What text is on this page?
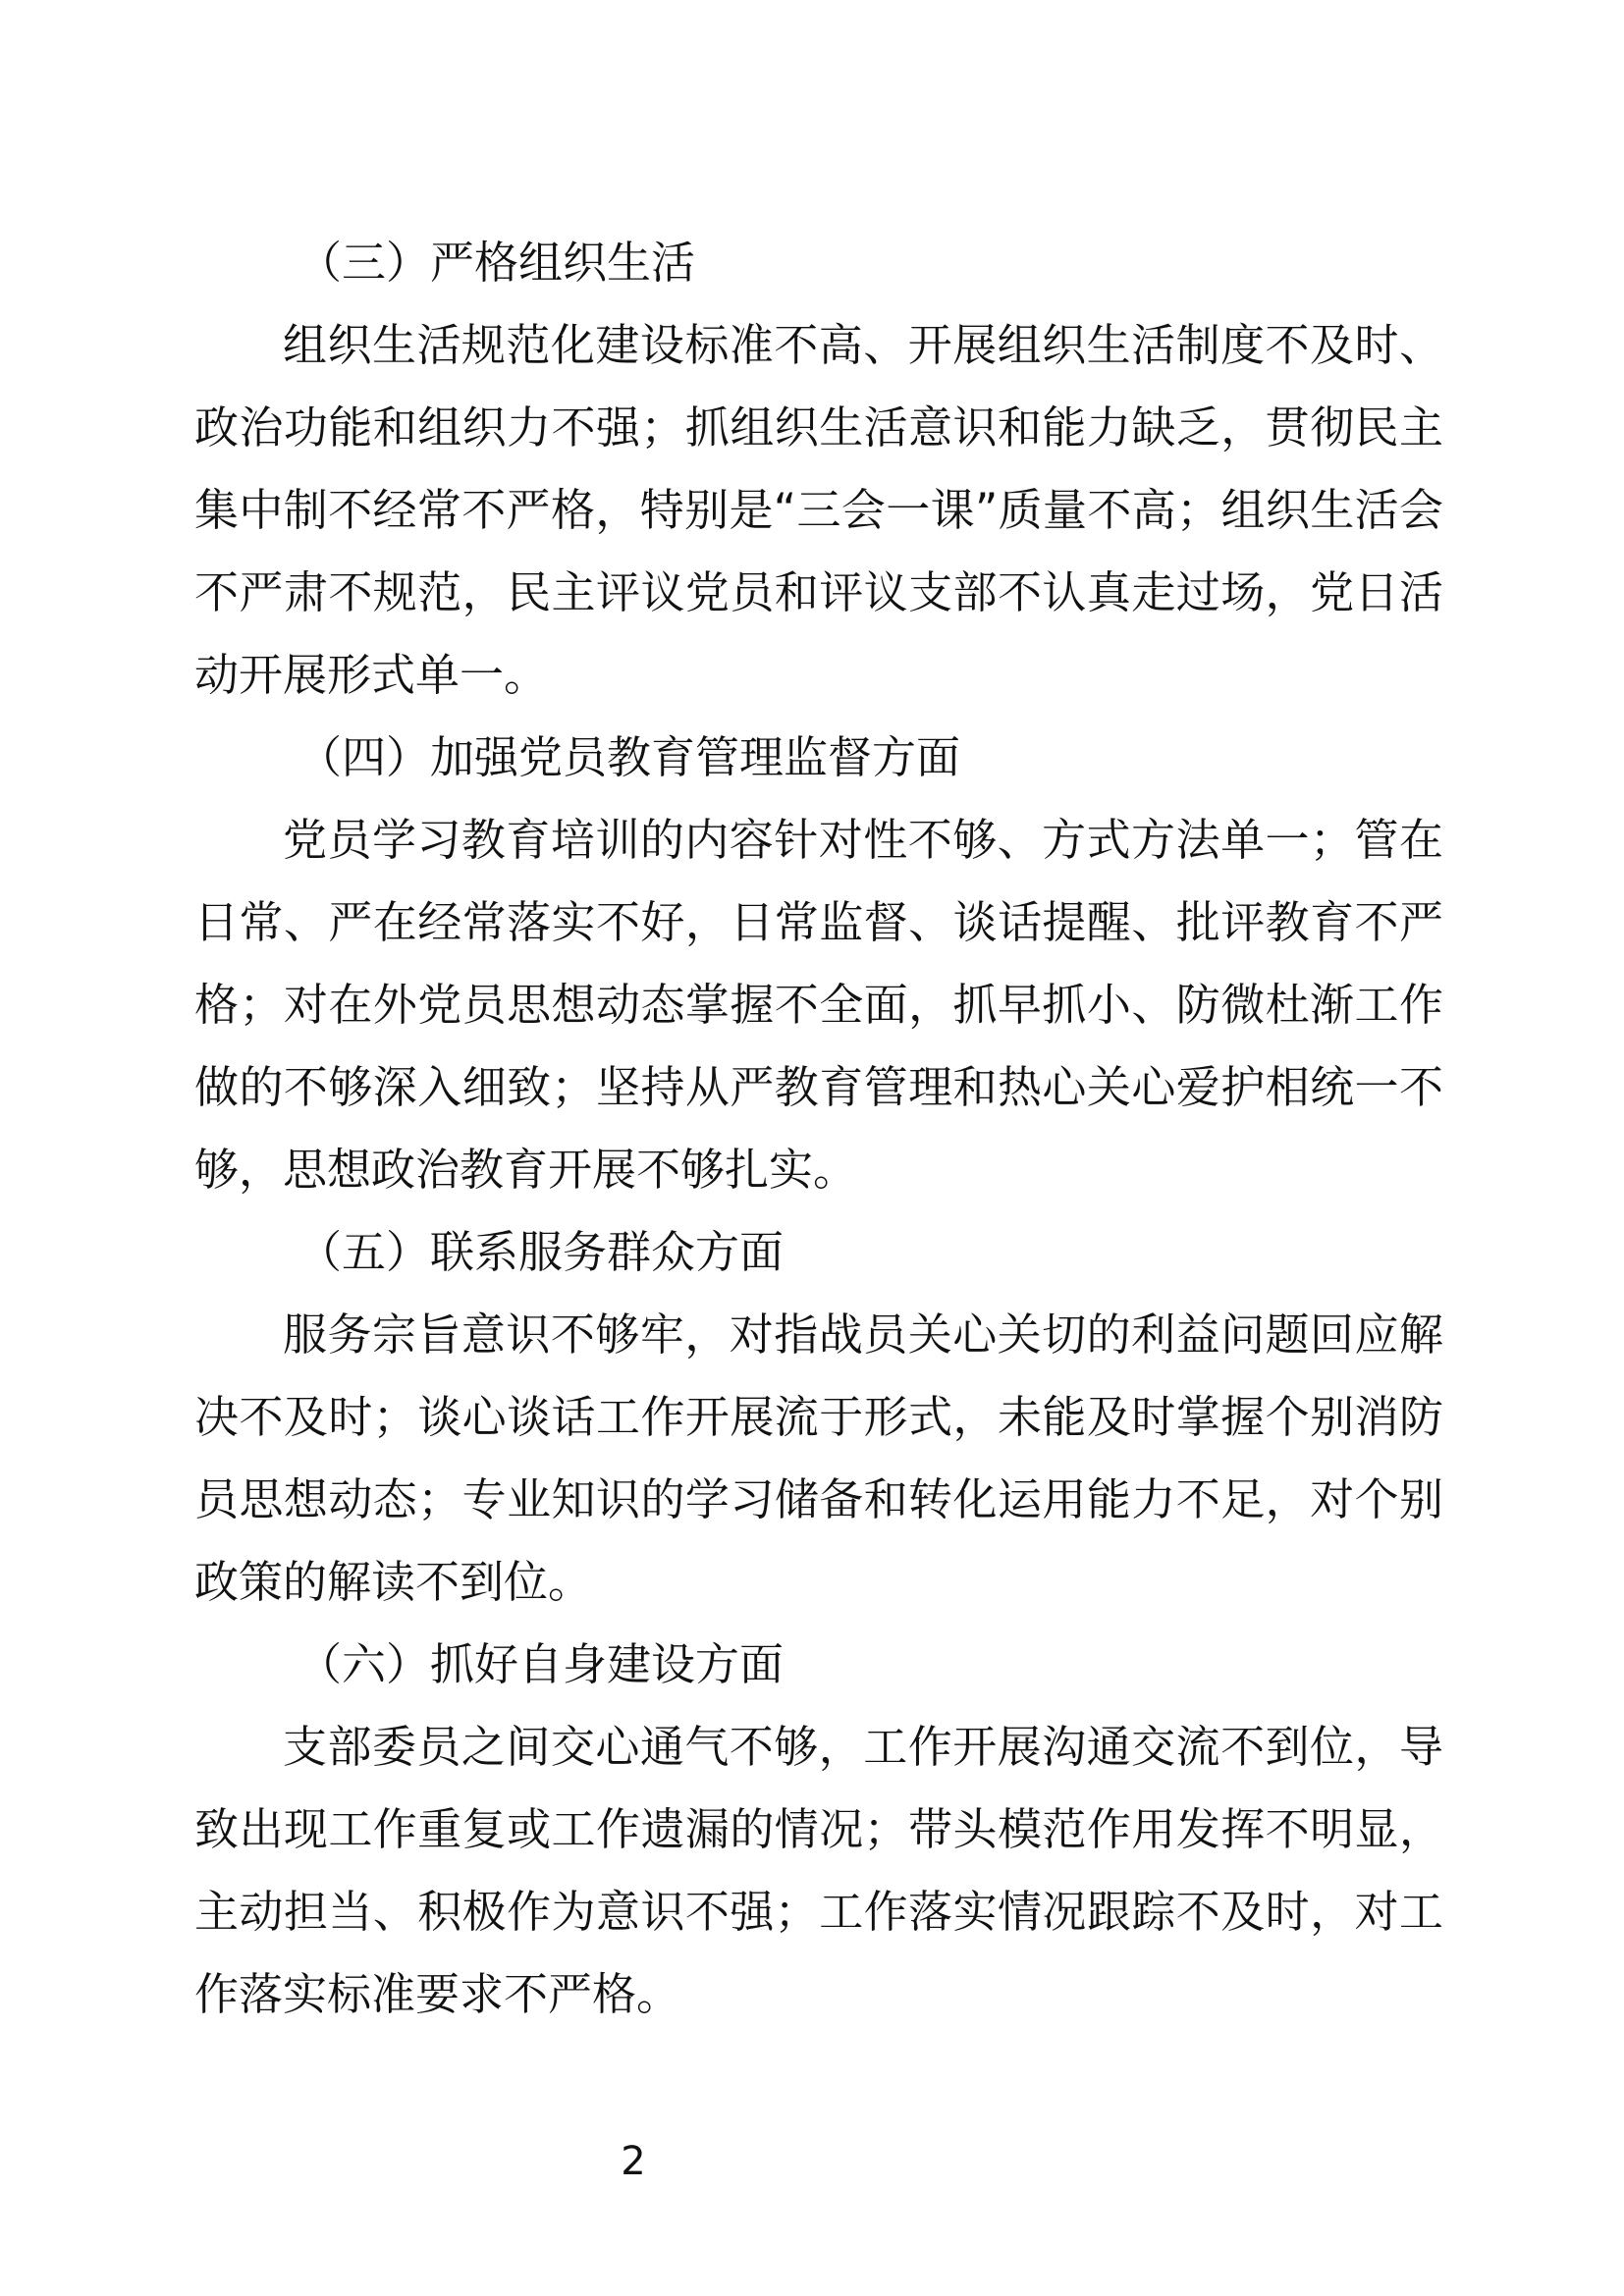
（三）严格组织生活

组织生活规范化建设标准不高、开展组织生活制度不及时、政治功能和组织力不强；抓组织生活意识和能力缺乏，贯彻民主集中制不经常不严格，特别是“三会一课”质量不高；组织生活会不严肃不规范，民主评议党员和评议支部不认真走过场，党日活动开展形式单一。

（四）加强党员教育管理监督方面

党员学习教育培训的内容针对性不够、方式方法单一；管在日常、严在经常落实不好，日常监督、谈话提醒、批评教育不严格；对在外党员思想动态掌握不全面，抓早抓小、防微杜渐工作做的不够深入细致；坚持从严教育管理和热心关心爱护相统一不够，思想政治教育开展不够扎实。

（五）联系服务群众方面

服务宗旨意识不够牢，对指战员关心关切的利益问题回应解决不及时；谈心谈话工作开展流于形式，未能及时掌握个别消防员思想动态；专业知识的学习储备和转化运用能力不足，对个别政策的解读不到位。

（六）抓好自身建设方面

支部委员之间交心通气不够，工作开展沟通交流不到位，导致出现工作重复或工作遗漏的情况；带头模范作用发挥不明显，主动担当、积极作为意识不强；工作落实情况跟踪不及时，对工作落实标准要求不严格。

2
